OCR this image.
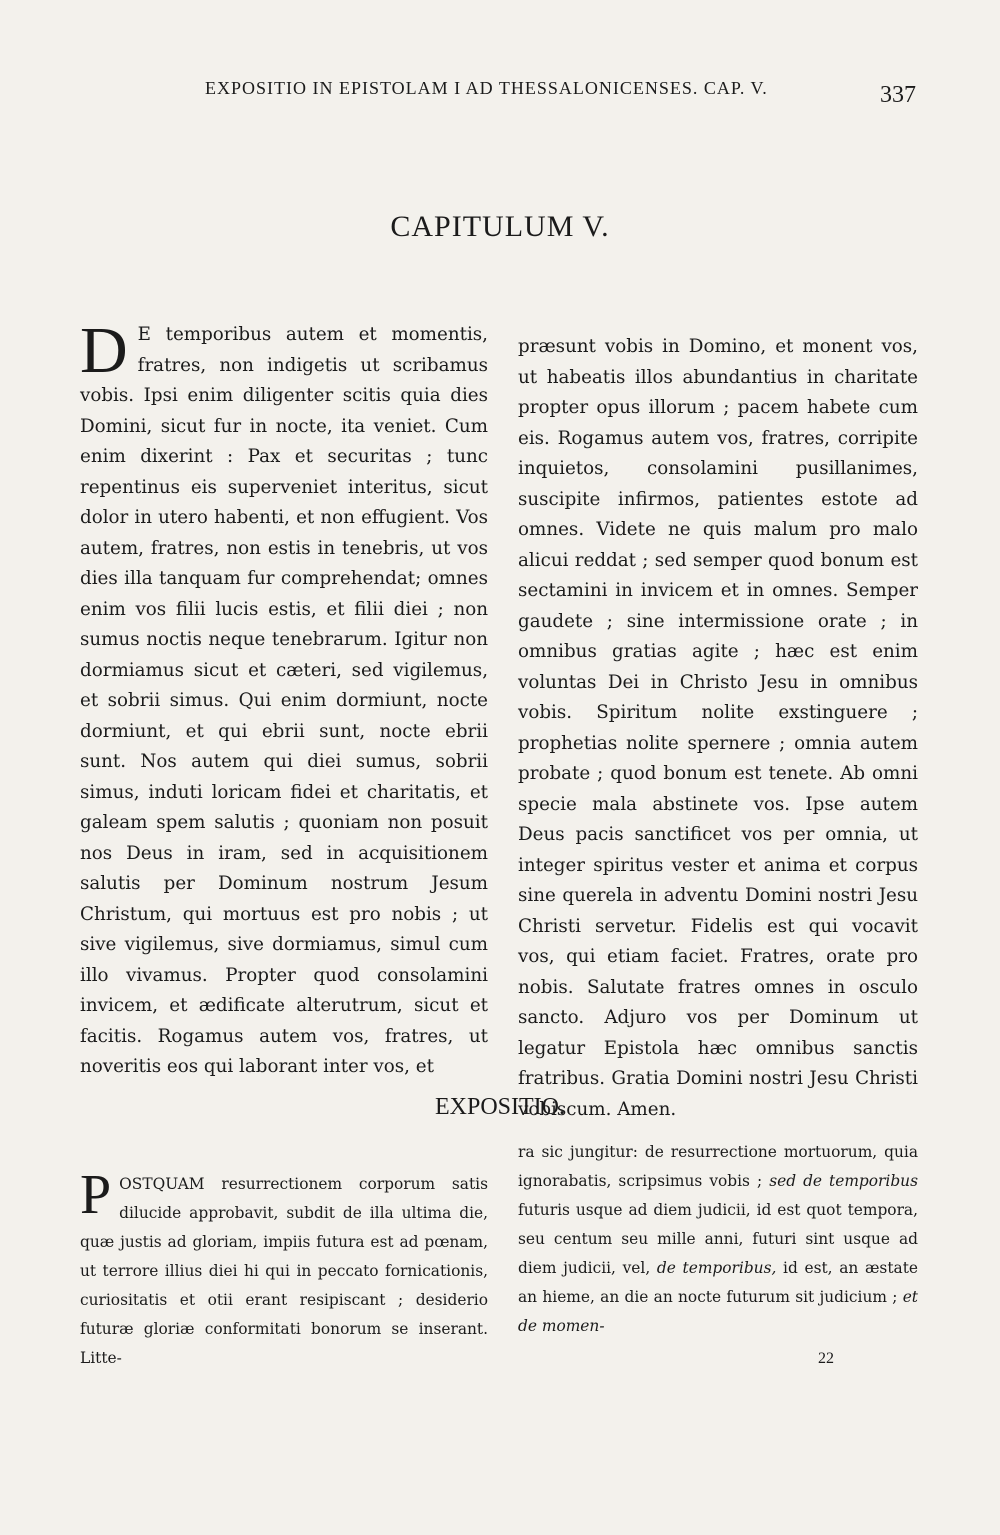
EXPOSITIO IN EPISTOLAM I AD THESSALONICENSES. CAP. V.	337
CAPITULUM V.

D E temporibus autem et momentis, fratres, non indigetis ut scribamus vobis. Ipsi enim diligenter scitis quia dies Domini, sicut fur in nocte, ita veniet. Cum enim dixerint : Pax et securitas ; tunc repentinus eis superveniet interitus, sicut dolor in utero habenti, et non effugient. Vos autem, fratres, non estis in tenebris, ut vos dies illa tanquam fur comprehendat; omnes enim vos filii lucis estis, et filii diei ; non sumus noctis neque tenebrarum. Igitur non dormiamus sicut et cæteri, sed vigilemus, et sobrii simus. Qui enim dormiunt, nocte dormiunt, et qui ebrii sunt, nocte ebrii sunt. Nos autem qui diei sumus, sobrii simus, induti loricam fidei et charitatis, et galeam spem salutis ; quoniam non posuit nos Deus in iram, sed in acquisitionem salutis per Dominum nostrum Jesum Christum, qui mortuus est pro nobis ; ut sive vigilemus, sive dormiamus, simul cum illo vivamus. Propter quod consolamini invicem, et ædificate alterutrum, sicut et facitis. Rogamus autem vos, fratres, ut noveritis eos qui laborant inter vos, et

præsunt vobis in Domino, et monent vos, ut habeatis illos abundantius in charitate propter opus illorum ; pacem habete cum eis. Rogamus autem vos, fratres, corripite inquietos, consolamini pusillanimes, suscipite infirmos, patientes estote ad omnes. Videte ne quis malum pro malo alicui reddat ; sed semper quod bonum est sectamini in invicem et in omnes. Semper gaudete ; sine intermissione orate ; in omnibus gratias agite ; hæc est enim voluntas Dei in Christo Jesu in omnibus vobis. Spiritum nolite exstinguere ; prophetias nolite spernere ; omnia autem probate ; quod bonum est tenete. Ab omni specie mala abstinete vos. Ipse autem Deus pacis sanctificet vos per omnia, ut integer spiritus vester et anima et corpus sine querela in adventu Domini nostri Jesu Christi servetur. Fidelis est qui vocavit vos, qui etiam faciet. Fratres, orate pro nobis. Salutate fratres omnes in osculo sancto. Adjuro vos per Dominum ut legatur Epistola hæc omnibus sanctis fratribus. Gratia Domini nostri Jesu Christi vobiscum. Amen.

EXPOSITIO.

POSTQUAM resurrectionem corporum satis dilucide approbavit, subdit de illa ultima die, quæ justis ad gloriam, impiis futura est ad pœnam, ut terrore illius diei hi qui in peccato fornicationis, curiositatis et otii erant resipiscant ; desiderio futuræ gloriæ conformitati bonorum se inserant. Litte-

ra sic jungitur: de resurrectione mortuorum, quia ignorabatis, scripsimus vobis ; sed de temporibus futuris usque ad diem judicii, id est quot tempora, seu centum seu mille anni, futuri sint usque ad diem judicii, vel, de temporibus, id est, an æstate an hieme, an die an nocte futurum sit judicium ; et de momen-

22
